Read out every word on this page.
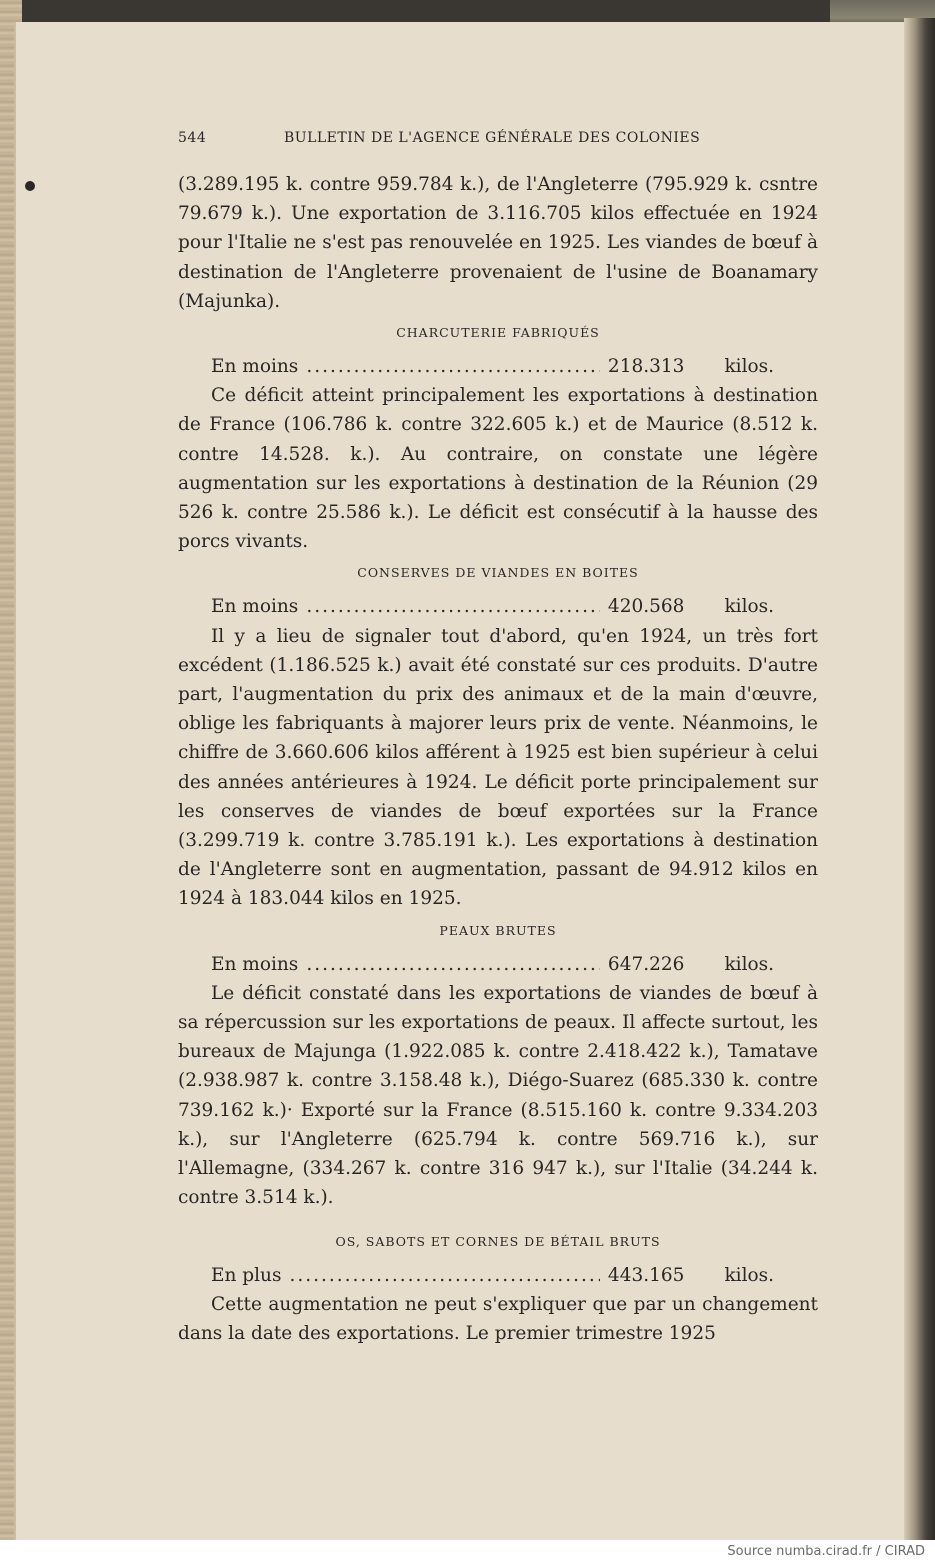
544	BULLETIN DE L'AGENCE GÉNÉRALE DES COLONIES

(3.289.195 k. contre 959.784 k.), de l'Angleterre (795.929 k. csntre 79.679 k.). Une exportation de 3.116.705 kilos effectuée en 1924 pour l'Italie ne s'est pas renouvelée en 1925. Les viandes de bœuf à destination de l'Angleterre provenaient de l'usine de Boanamary (Majunka).

CHARCUTERIE FABRIQUÉS
En moins .....	218.313 kilos.

Ce déficit atteint principalement les exportations à destination de France (106.786 k. contre 322.605 k.) et de Maurice (8.512 k. contre 14.528. k.). Au contraire, on constate une légère augmentation sur les exportations à destination de la Réunion (29 526 k. contre 25.586 k.). Le déficit est consécutif à la hausse des porcs vivants.

CONSERVES DE VIANDES EN BOITES
En moins .....	420.568 kilos.

Il y a lieu de signaler tout d'abord, qu'en 1924, un très fort excédent (1.186.525 k.) avait été constaté sur ces produits. D'autre part, l'augmentation du prix des animaux et de la main d'œuvre, oblige les fabriquants à majorer leurs prix de vente. Néanmoins, le chiffre de 3.660.606 kilos afférent à 1925 est bien supérieur à celui des années antérieures à 1924. Le déficit porte principalement sur les conserves de viandes de bœuf exportées sur la France (3.299.719 k. contre 3.785.191 k.). Les exportations à destination de l'Angleterre sont en augmentation, passant de 94.912 kilos en 1924 à 183.044 kilos en 1925.

PEAUX BRUTES
En moins .....	647.226 kilos.

Le déficit constaté dans les exportations de viandes de bœuf à sa répercussion sur les exportations de peaux. Il affecte surtout, les bureaux de Majunga (1.922.085 k. contre 2.418.422 k.), Tamatave (2.938.987 k. contre 3.158.48 k.), Diégo-Suarez (685.330 k. contre 739.162 k.)· Exporté sur la France (8.515.160 k. contre 9.334.203 k.), sur l'Angleterre (625.794 k. contre 569.716 k.), sur l'Allemagne, (334.267 k. contre 316 947 k.), sur l'Italie (34.244 k. contre 3.514 k.).

OS, SABOTS ET CORNES DE BÉTAIL BRUTS
En plus .....	443.165 kilos.

Cette augmentation ne peut s'expliquer que par un changement dans la date des exportations. Le premier trimestre 1925

Source numba.cirad.fr / CIRAD
